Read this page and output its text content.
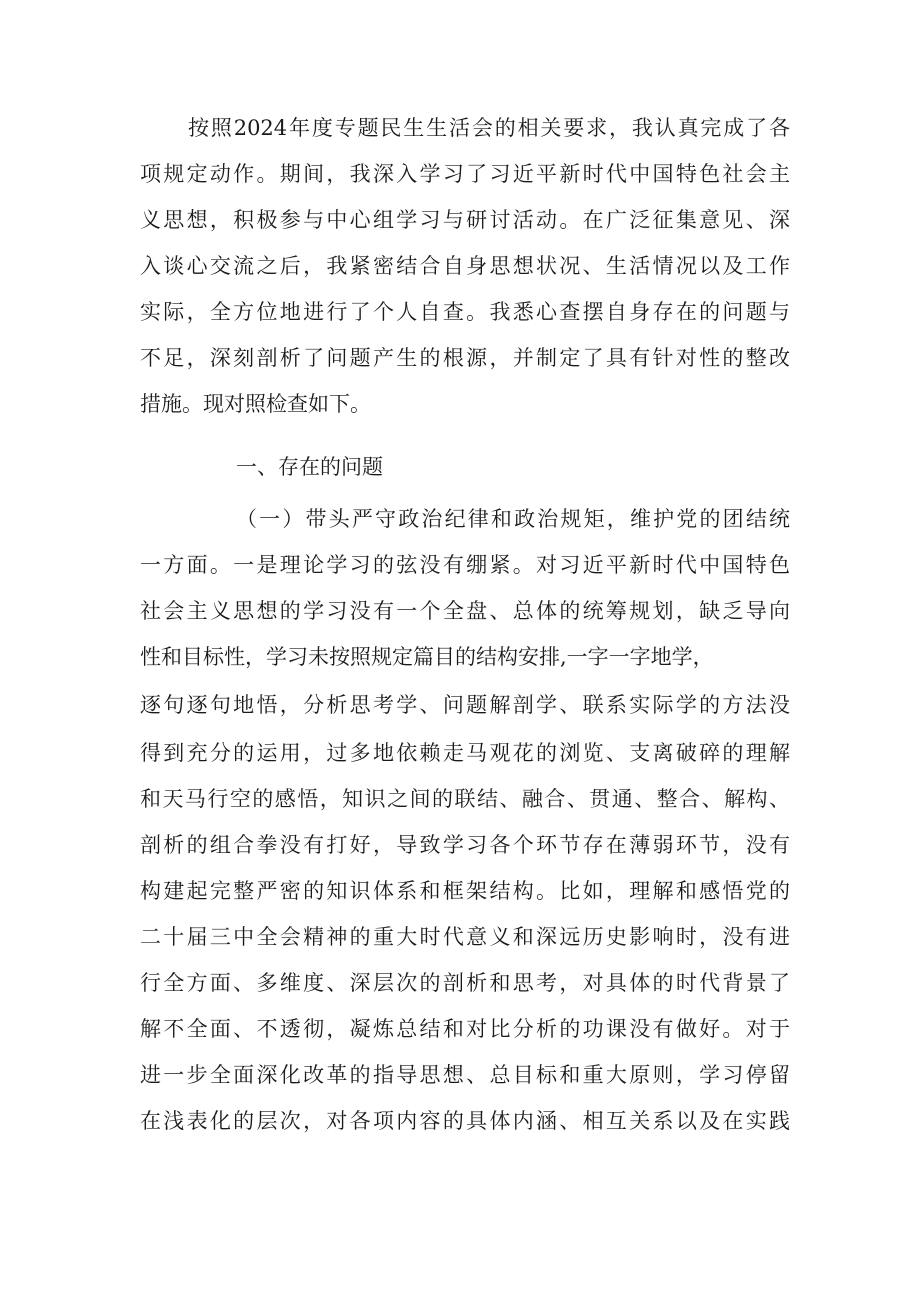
按照2024年度专题民生生活会的相关要求，我认真完成了各
项规定动作。期间，我深入学习了习近平新时代中国特色社会主
义思想，积极参与中心组学习与研讨活动。在广泛征集意见、深
入谈心交流之后，我紧密结合自身思想状况、生活情况以及工作
实际，全方位地进行了个人自查。我悉心查摆自身存在的问题与
不足，深刻剖析了问题产生的根源，并制定了具有针对性的整改
措施。现对照检查如下。
一、存在的问题
（一）带头严守政治纪律和政治规矩，维护党的团结统
一方面。一是理论学习的弦没有绷紧。对习近平新时代中国特色
社会主义思想的学习没有一个全盘、总体的统筹规划，缺乏导向
性和目标性，学习未按照规定篇目的结构安排,一字一字地学，
逐句逐句地悟，分析思考学、问题解剖学、联系实际学的方法没
得到充分的运用，过多地依赖走马观花的浏览、支离破碎的理解
和天马行空的感悟，知识之间的联结、融合、贯通、整合、解构、
剖析的组合拳没有打好，导致学习各个环节存在薄弱环节，没有
构建起完整严密的知识体系和框架结构。比如，理解和感悟党的
二十届三中全会精神的重大时代意义和深远历史影响时，没有进
行全方面、多维度、深层次的剖析和思考，对具体的时代背景了
解不全面、不透彻，凝炼总结和对比分析的功课没有做好。对于
进一步全面深化改革的指导思想、总目标和重大原则，学习停留
在浅表化的层次，对各项内容的具体内涵、相互关系以及在实践
